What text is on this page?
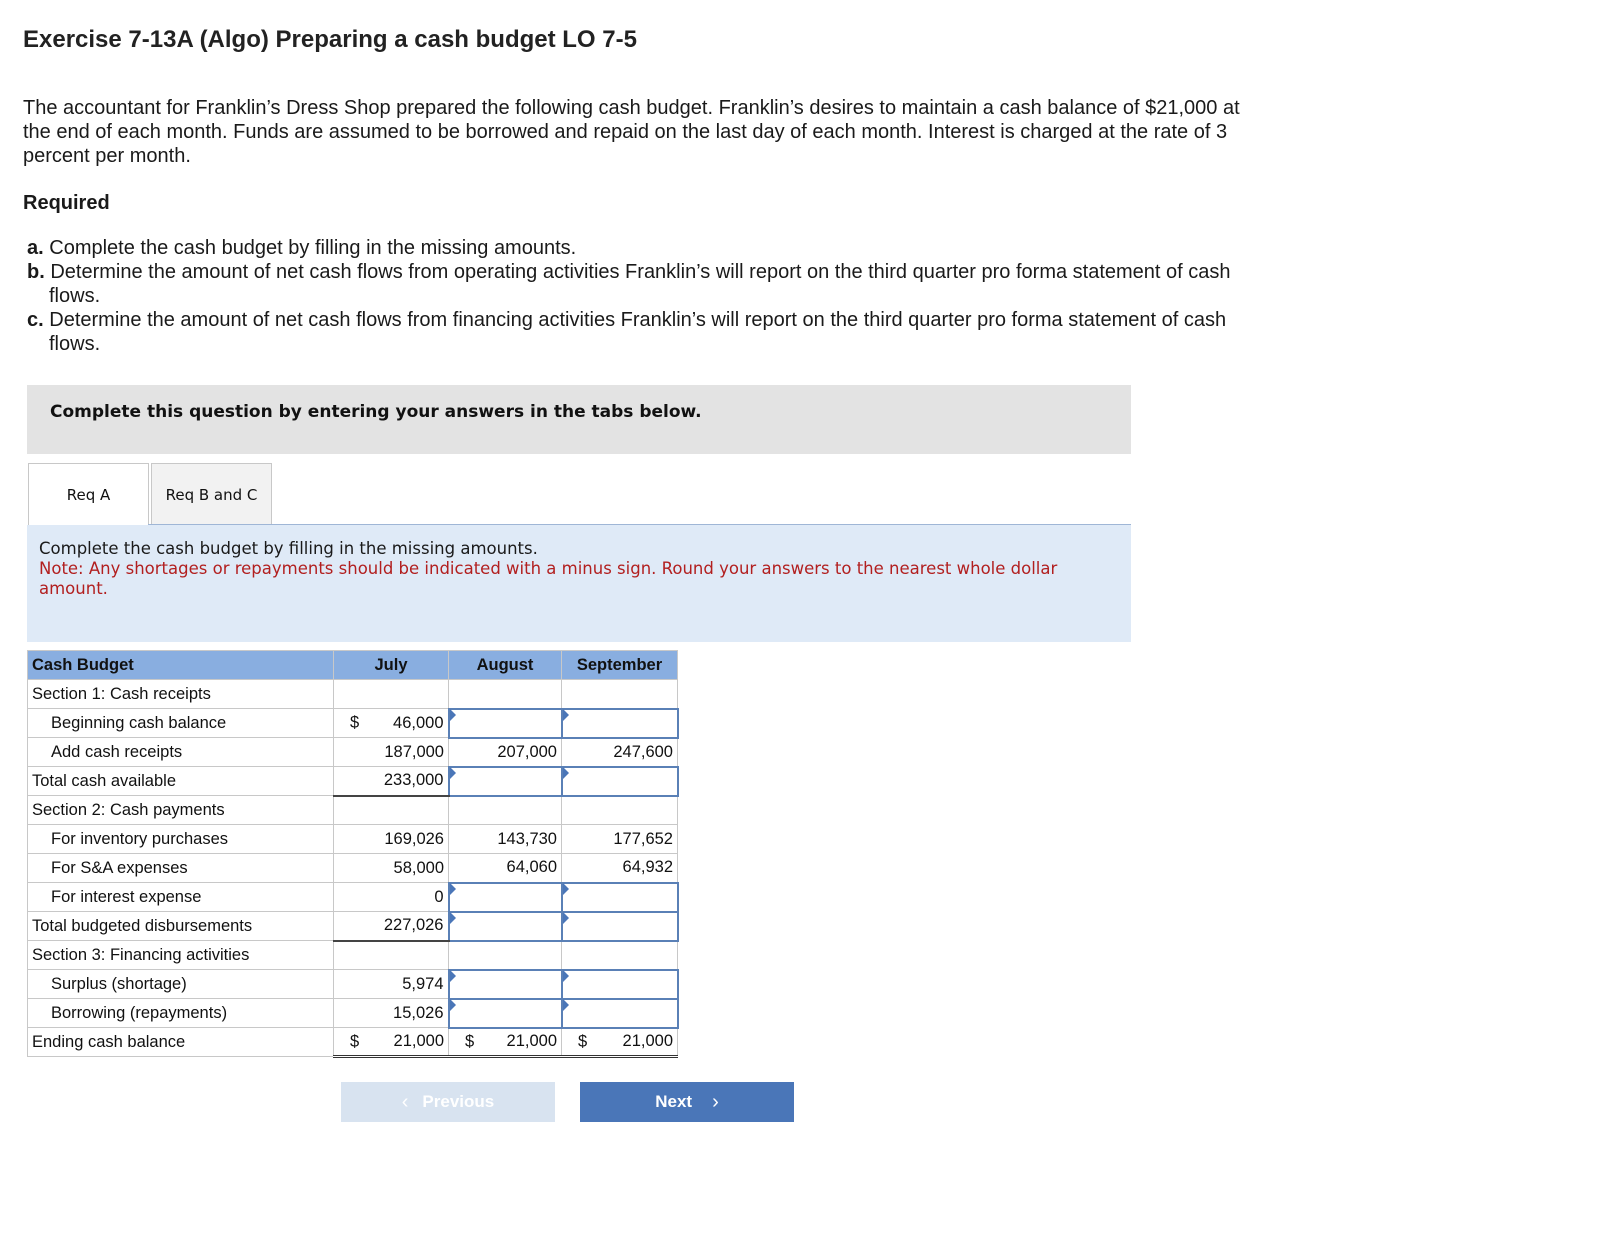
Exercise 7-13A (Algo) Preparing a cash budget LO 7-5

The accountant for Franklin’s Dress Shop prepared the following cash budget. Franklin’s desires to maintain a cash balance of $21,000 at the end of each month. Funds are assumed to be borrowed and repaid on the last day of each month. Interest is charged at the rate of 3 percent per month.

Required
a. Complete the cash budget by filling in the missing amounts.
b. Determine the amount of net cash flows from operating activities Franklin’s will report on the third quarter pro forma statement of cash flows.
c. Determine the amount of net cash flows from financing activities Franklin’s will report on the third quarter pro forma statement of cash flows.
Complete this question by entering your answers in the tabs below.
Req A	Req B and C
Complete the cash budget by filling in the missing amounts.
Note: Any shortages or repayments should be indicated with a minus sign. Round your answers to the nearest whole dollar amount.
Cash Budget	July	August	September
Section 1: Cash receipts			
Beginning cash balance	$ 46,000		
Add cash receipts	187,000	207,000	247,600
Total cash available	233,000		
Section 2: Cash payments			
For inventory purchases	169,026	143,730	177,652
For S&A expenses	58,000	64,060	64,932
For interest expense	0		
Total budgeted disbursements	227,026		
Section 3: Financing activities			
Surplus (shortage)	5,974		
Borrowing (repayments)	15,026		
Ending cash balance	$ 21,000	$ 21,000	$ 21,000
‹ Previous	Next ›
